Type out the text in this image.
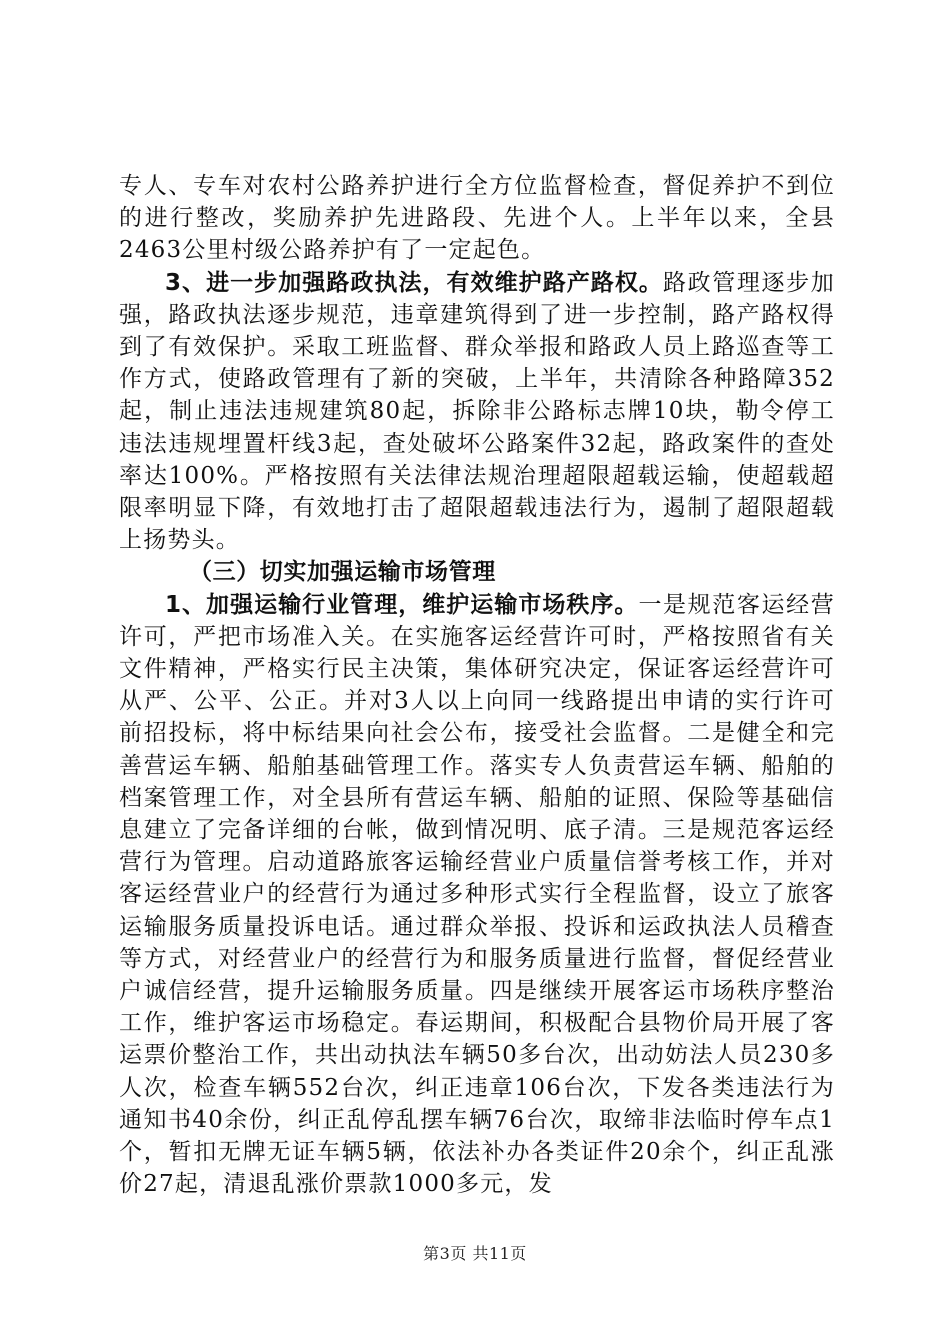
专人、专车对农村公路养护进行全方位监督检查，督促养护不到位的进行整改，奖励养护先进路段、先进个人。上半年以来，全县2463公里村级公路养护有了一定起色。

3、进一步加强路政执法，有效维护路产路权。路政管理逐步加强，路政执法逐步规范，违章建筑得到了进一步控制，路产路权得到了有效保护。采取工班监督、群众举报和路政人员上路巡查等工作方式，使路政管理有了新的突破，上半年，共清除各种路障352起，制止违法违规建筑80起，拆除非公路标志牌10块，勒令停工违法违规埋置杆线3起，查处破坏公路案件32起，路政案件的查处率达100%。严格按照有关法律法规治理超限超载运输，使超载超限率明显下降，有效地打击了超限超载违法行为，遏制了超限超载上扬势头。

（三）切实加强运输市场管理

1、加强运输行业管理，维护运输市场秩序。一是规范客运经营许可，严把市场准入关。在实施客运经营许可时，严格按照省有关文件精神，严格实行民主决策，集体研究决定，保证客运经营许可从严、公平、公正。并对3人以上向同一线路提出申请的实行许可前招投标，将中标结果向社会公布，接受社会监督。二是健全和完善营运车辆、船舶基础管理工作。落实专人负责营运车辆、船舶的档案管理工作，对全县所有营运车辆、船舶的证照、保险等基础信息建立了完备详细的台帐，做到情况明、底子清。三是规范客运经营行为管理。启动道路旅客运输经营业户质量信誉考核工作，并对客运经营业户的经营行为通过多种形式实行全程监督，设立了旅客运输服务质量投诉电话。通过群众举报、投诉和运政执法人员稽查等方式，对经营业户的经营行为和服务质量进行监督，督促经营业户诚信经营，提升运输服务质量。四是继续开展客运市场秩序整治工作，维护客运市场稳定。春运期间，积极配合县物价局开展了客运票价整治工作，共出动执法车辆50多台次，出动妨法人员230多人次，检查车辆552台次，纠正违章106台次，下发各类违法行为通知书40余份，纠正乱停乱摆车辆76台次，取缔非法临时停车点1个，暂扣无牌无证车辆5辆，依法补办各类证件20余个，纠正乱涨价27起，清退乱涨价票款1000多元，发

第3页 共11页
